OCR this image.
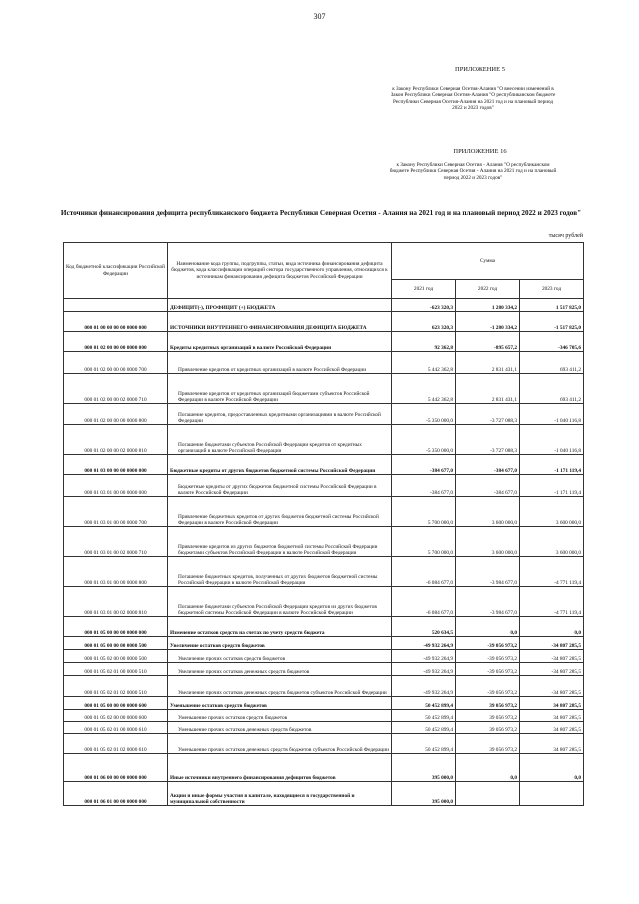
307
ПРИЛОЖЕНИЕ 5
к Закону Республики Северная Осетия-Алания "О внесении изменений в Закон Республики Северная Осетия-Алания "О республиканском бюджете Республики Северная Осетия-Алания на 2021 год и на плановый период 2022 и 2023 годов"
ПРИЛОЖЕНИЕ 16
к Закону Республики Северная Осетия - Алания "О республиканском бюджете Республики Северная Осетия - Алания на 2021 год и на плановый период 2022 и 2023 годов"
Источники финансирования дефицита республиканского бюджета Республики Северная Осетия - Алания на 2021 год и на плановый период 2022 и 2023 годов"
тысяч рублей
Код бюджетной классификации Российской Федерации	Наименование кода группы, подгруппы, статьи, вида источника финансирования дефицита бюджетов, кода классификации операций сектора государственного управления, относящихся к источникам финансирования дефицита бюджетов Российской Федерации	Сумма		
		2021 год	2022 год	2023 год
	ДЕФИЦИТ(-), ПРОФИЦИТ (+) БЮДЖЕТА	-623 320,3	1 280 334,2	1 517 825,0
000 01 00 00 00 00 0000 000	ИСТОЧНИКИ ВНУТРЕННЕГО ФИНАНСИРОВАНИЯ ДЕФИЦИТА БЮДЖЕТА	623 320,3	-1 280 334,2	-1 517 825,0
000 01 02 00 00 00 0000 000	Кредиты кредитных организаций в валюте Российской Федерации	92 362,8	-895 657,2	-346 705,6
000 01 02 00 00 00 0000 700	Привлечение кредитов от кредитных организаций в валюте Российской Федерации	5 442 362,8	2 831 431,1	693 411,2
000 01 02 00 00 02 0000 710	Привлечение кредитов от кредитных организаций бюджетами субъектов Российской Федерации в валюте Российской Федерации	5 442 362,8	2 831 431,1	693 411,2
000 01 02 00 00 00 0000 800	Погашение кредитов, предоставленных кредитными организациями в валюте Российской Федерации	-5 350 000,0	-3 727 088,3	-1 040 116,8
000 01 02 00 00 02 0000 810	Погашение бюджетами субъектов Российской Федерации кредитов от кредитных организаций в валюте Российской Федерации	-5 350 000,0	-3 727 088,3	-1 040 116,8
000 01 03 00 00 00 0000 000	Бюджетные кредиты от других бюджетов бюджетной системы Российской Федерации	-384 677,0	-384 677,0	-1 171 119,4
000 01 03 01 00 00 0000 000	Бюджетные кредиты от других бюджетов бюджетной системы Российской Федерации в валюте Российской Федерации	-384 677,0	-384 677,0	-1 171 119,4
000 01 03 01 00 00 0000 700	Привлечение бюджетных кредитов от других бюджетов бюджетной системы Российской Федерации в валюте Российской Федерации	5 700 000,0	3 600 000,0	3 600 000,0
000 01 03 01 00 02 0000 710	Привлечение кредитов из других бюджетов бюджетной системы Российской Федерации бюджетами субъектов Российской Федерации в валюте Российской Федерации	5 700 000,0	3 600 000,0	3 600 000,0
000 01 03 01 00 00 0000 800	Погашение бюджетных кредитов, полученных от других бюджетов бюджетной системы Российской Федерации в валюте Российской Федерации	-6 084 677,0	-3 984 677,0	-4 771 119,4
000 01 03 01 00 02 0000 810	Погашение бюджетами субъектов Российской Федерации кредитов из других бюджетов бюджетной системы Российской Федерации в валюте Российской Федерации	-6 084 677,0	-3 984 677,0	-4 771 119,4
000 01 05 00 00 00 0000 000	Изменение остатков средств на счетах по учету средств бюджета	520 634,5	0,0	0,0
000 01 05 00 00 00 0000 500	Увеличение остатков средств бюджетов	-49 932 264,9	-39 056 973,2	-34 807 285,5
000 01 05 02 00 00 0000 500	Увеличение прочих остатков средств бюджетов	-49 932 264,9	-39 056 973,2	-34 807 285,5
000 01 05 02 01 00 0000 510	Увеличение прочих остатков денежных средств бюджетов	-49 932 264,9	-39 056 973,2	-34 807 285,5
000 01 05 02 01 02 0000 510	Увеличение прочих остатков денежных средств бюджетов субъектов Российской Федерации	-49 932 264,9	-39 056 973,2	-34 807 285,5
000 01 05 00 00 00 0000 600	Уменьшение остатков средств бюджетов	50 452 899,4	39 056 973,2	34 807 285,5
000 01 05 02 00 00 0000 600	Уменьшение прочих остатков средств бюджетов	50 452 899,4	39 056 973,2	34 807 285,5
000 01 05 02 01 00 0000 610	Уменьшение прочих остатков денежных средств бюджетов	50 452 899,4	39 056 973,2	34 807 285,5
000 01 05 02 01 02 0000 610	Уменьшение прочих остатков денежных средств бюджетов субъектов Российской Федерации	50 452 899,4	39 056 973,2	34 807 285,5
000 01 06 00 00 00 0000 000	Иные источники внутреннего финансирования дефицитов бюджетов	395 000,0	0,0	0,0
000 01 06 01 00 00 0000 000	Акции и иные формы участия в капитале, находящиеся в государственной и муниципальной собственности	395 000,0		
